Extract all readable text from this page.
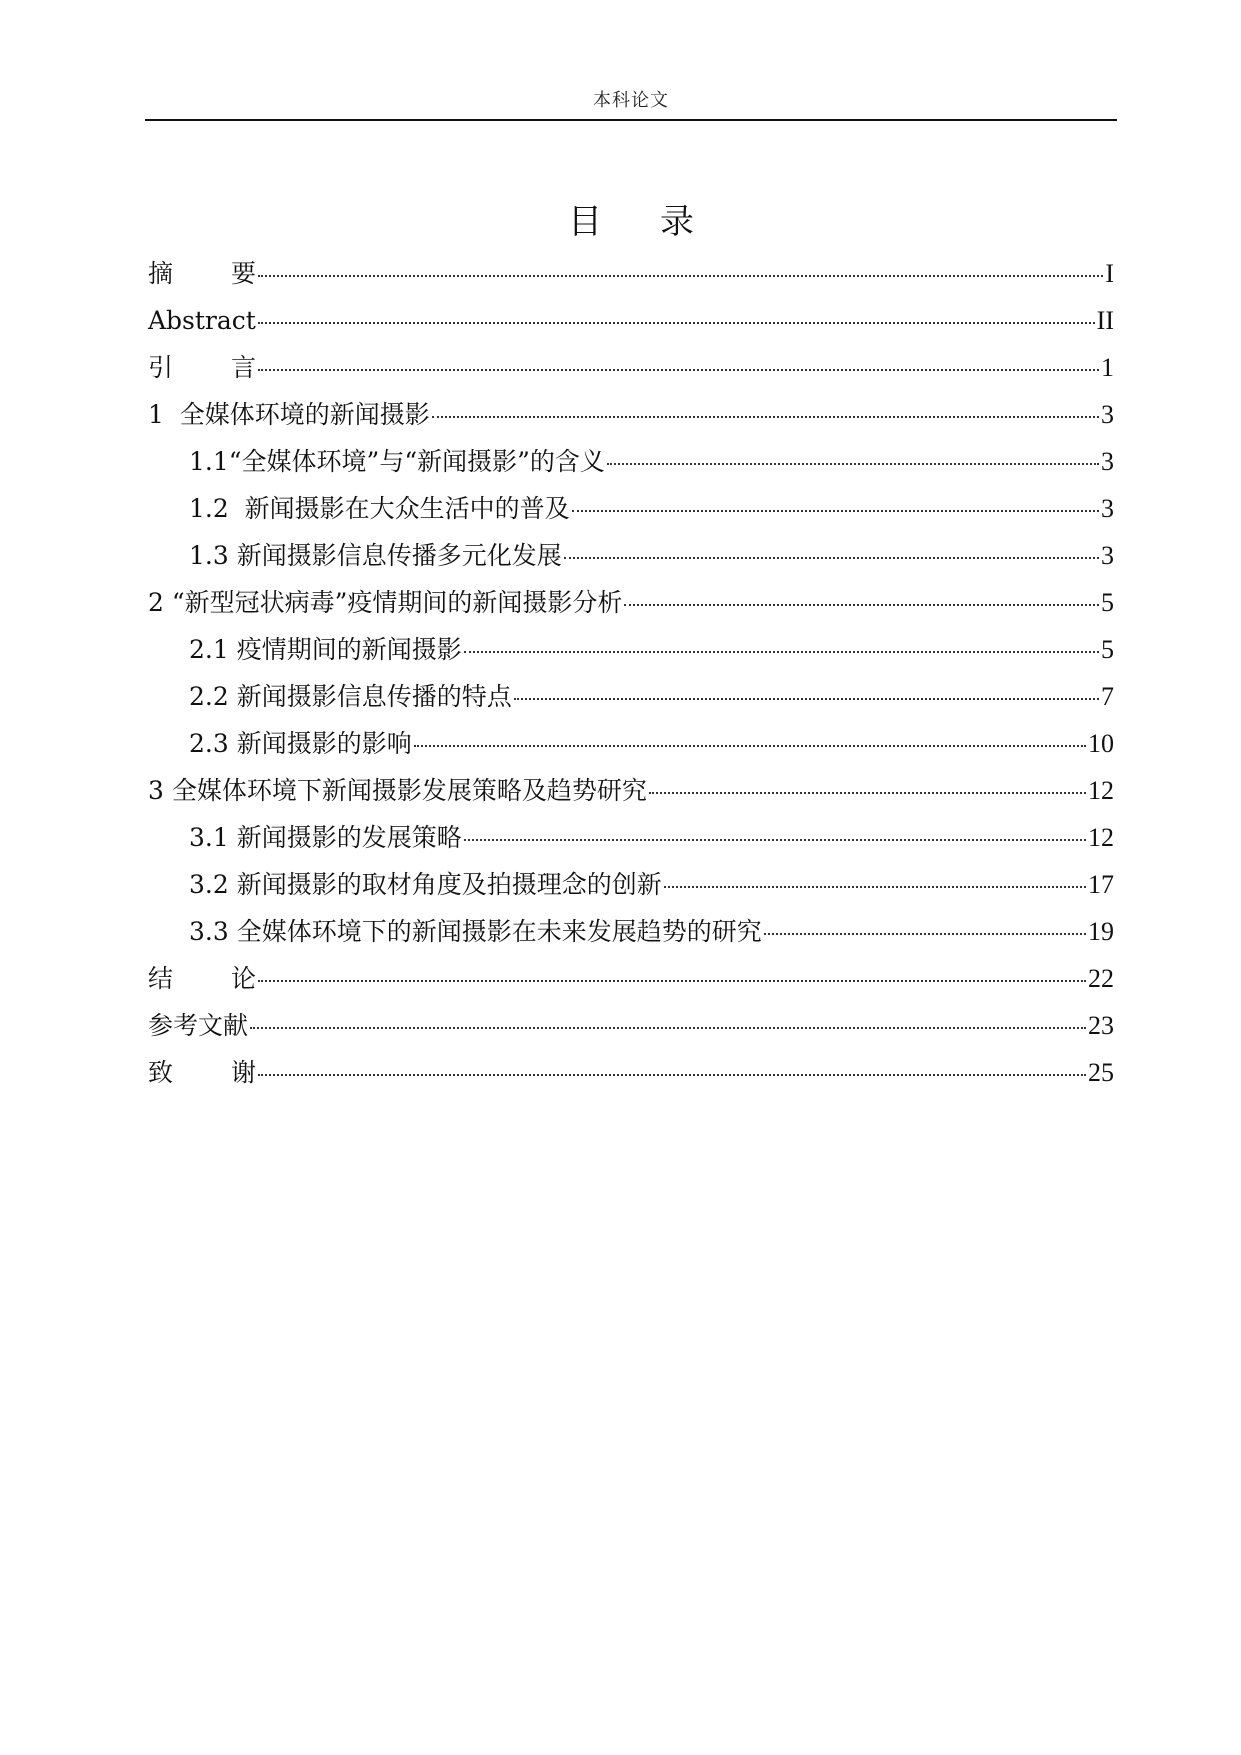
本科论文
目录
摘要	I
Abstract	II
引言	1
1  全媒体环境的新闻摄影	3
1.1“全媒体环境”与“新闻摄影”的含义	3
1.2  新闻摄影在大众生活中的普及	3
1.3 新闻摄影信息传播多元化发展	3
2 “新型冠状病毒”疫情期间的新闻摄影分析	5
2.1 疫情期间的新闻摄影	5
2.2 新闻摄影信息传播的特点	7
2.3 新闻摄影的影响	10
3 全媒体环境下新闻摄影发展策略及趋势研究	12
3.1 新闻摄影的发展策略	12
3.2 新闻摄影的取材角度及拍摄理念的创新	17
3.3 全媒体环境下的新闻摄影在未来发展趋势的研究	19
结论	22
参考文献	23
致谢	25
